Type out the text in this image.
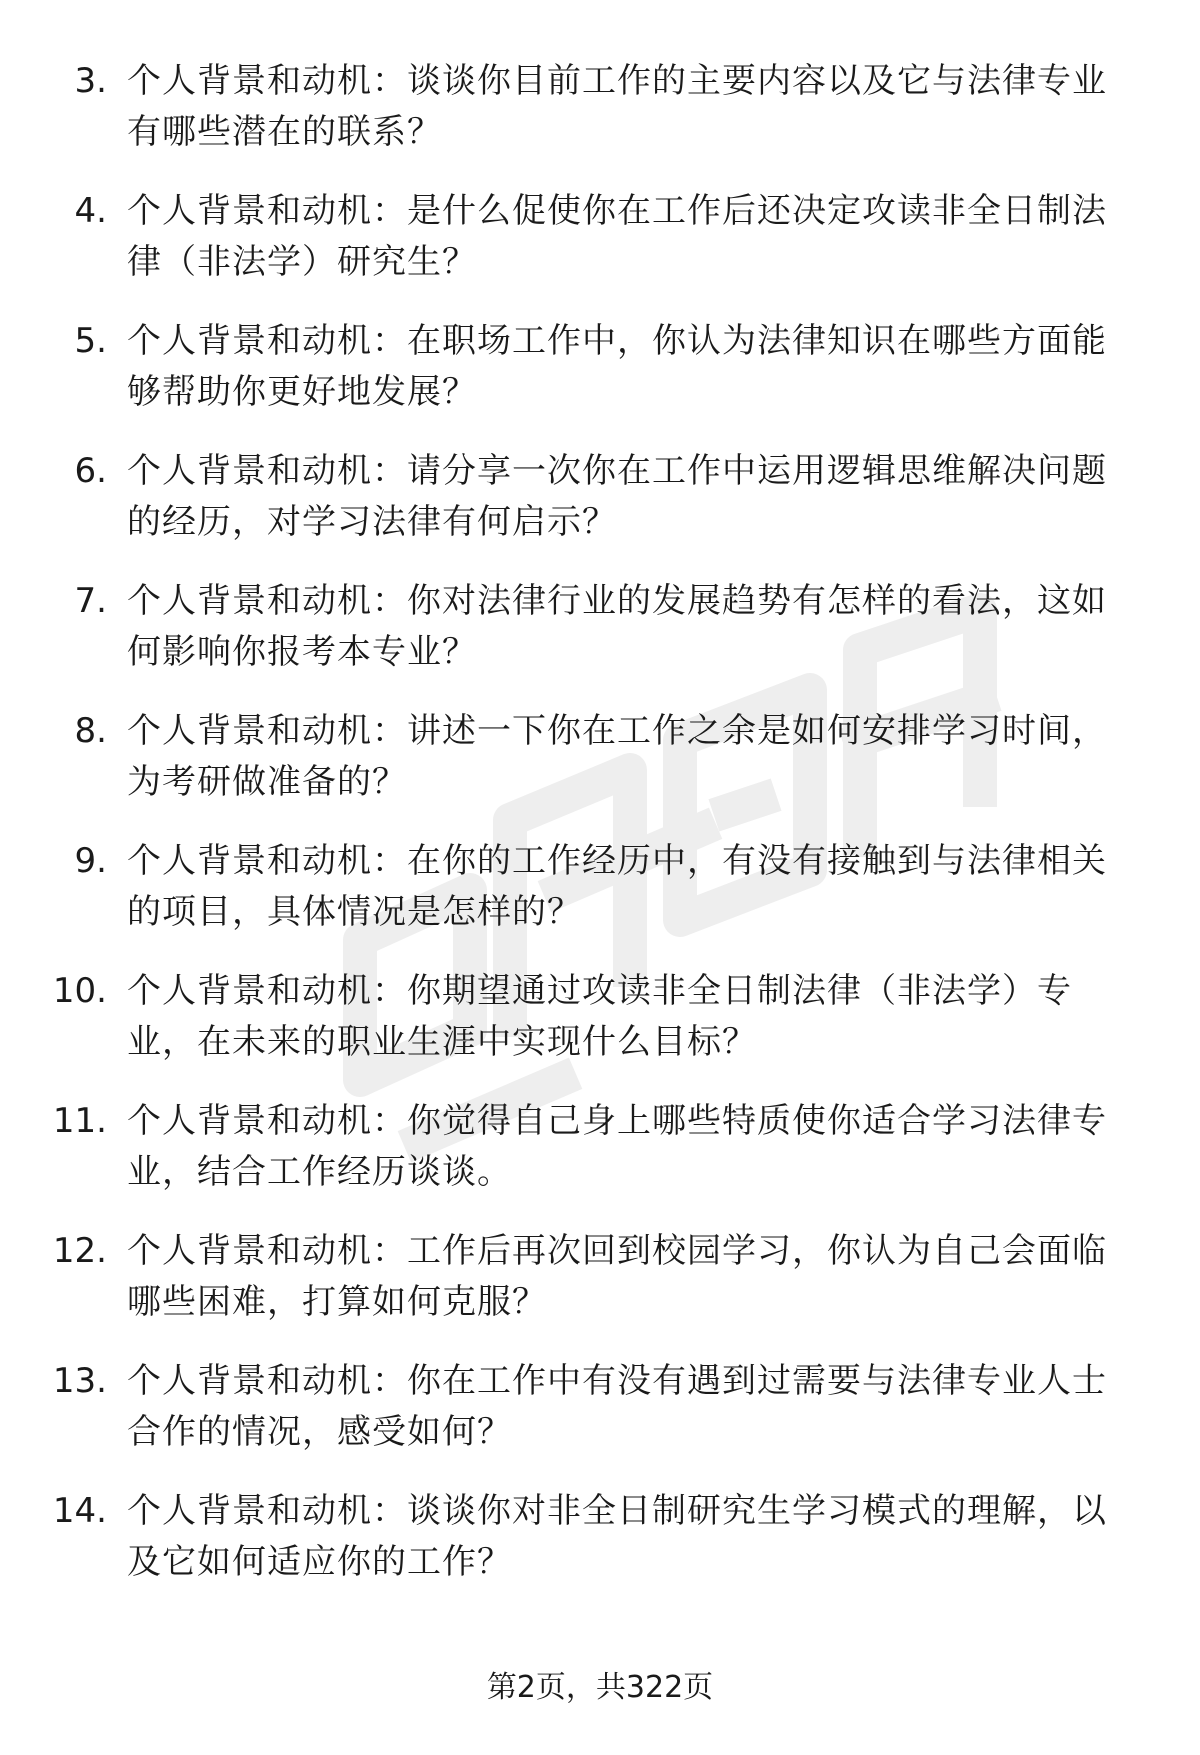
3. 个人背景和动机：谈谈你目前工作的主要内容以及它与法律专业有哪些潜在的联系？
4. 个人背景和动机：是什么促使你在工作后还决定攻读非全日制法律（非法学）研究生？
5. 个人背景和动机：在职场工作中，你认为法律知识在哪些方面能够帮助你更好地发展？
6. 个人背景和动机：请分享一次你在工作中运用逻辑思维解决问题的经历，对学习法律有何启示？
7. 个人背景和动机：你对法律行业的发展趋势有怎样的看法，这如何影响你报考本专业？
8. 个人背景和动机：讲述一下你在工作之余是如何安排学习时间，为考研做准备的？
9. 个人背景和动机：在你的工作经历中，有没有接触到与法律相关的项目，具体情况是怎样的？
10. 个人背景和动机：你期望通过攻读非全日制法律（非法学）专业，在未来的职业生涯中实现什么目标？
11. 个人背景和动机：你觉得自己身上哪些特质使你适合学习法律专业，结合工作经历谈谈。
12. 个人背景和动机：工作后再次回到校园学习，你认为自己会面临哪些困难，打算如何克服？
13. 个人背景和动机：你在工作中有没有遇到过需要与法律专业人士合作的情况，感受如何？
14. 个人背景和动机：谈谈你对非全日制研究生学习模式的理解，以及它如何适应你的工作？
第2页，共322页
